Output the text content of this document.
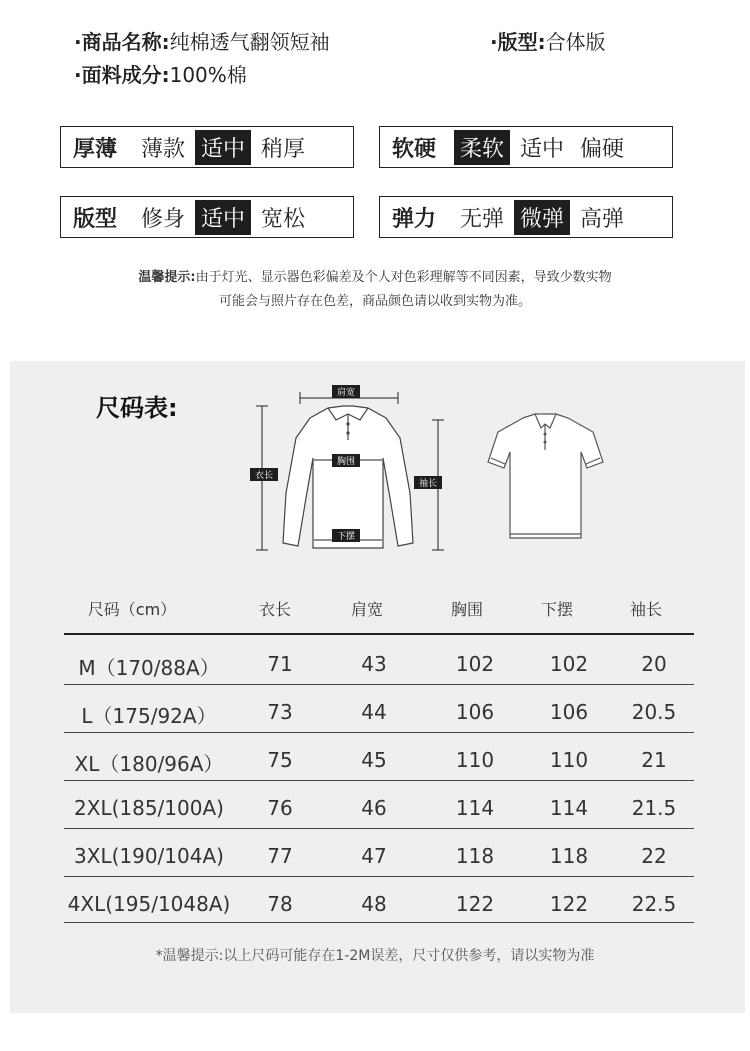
·商品名称:纯棉透气翻领短袖	·版型:合体版
·面料成分:100%棉
厚薄	薄款 适中 稍厚	软硬	柔软 适中 偏硬
版型	修身 适中 宽松	弹力	无弹 微弹 高弹
温馨提示:由于灯光、显示器色彩偏差及个人对色彩理解等不同因素，导致少数实物
可能会与照片存在色差，商品颜色请以收到实物为准。
尺码表:
肩宽
胸围
衣长
袖长
下摆
尺码（cm）	衣长	肩宽	胸围	下摆	袖长
M（170/88A）	71	43	102	102	20
L（175/92A）	73	44	106	106	20.5
XL（180/96A）	75	45	110	110	21
2XL(185/100A)	76	46	114	114	21.5
3XL(190/104A)	77	47	118	118	22
4XL(195/1048A)	78	48	122	122	22.5
*温馨提示:以上尺码可能存在1-2M误差，尺寸仅供参考，请以实物为准
